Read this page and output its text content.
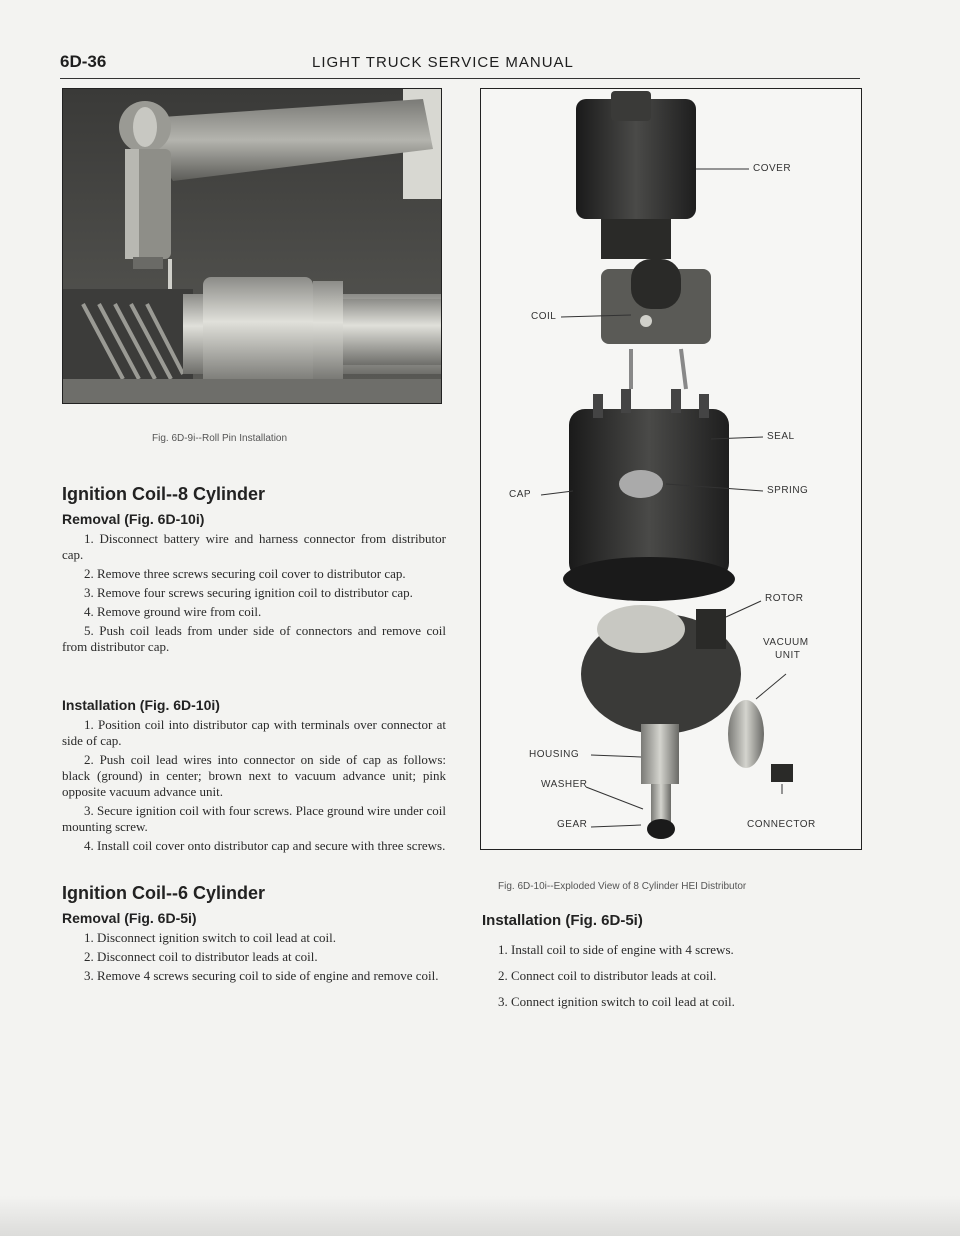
6D-36	LIGHT TRUCK SERVICE MANUAL
Fig. 6D-9i--Roll Pin Installation
Ignition Coil--8 Cylinder
Removal (Fig. 6D-10i)

1. Disconnect battery wire and harness connector from distributor cap.

2. Remove three screws securing coil cover to distributor cap.

3. Remove four screws securing ignition coil to distributor cap.

4. Remove ground wire from coil.

5. Push coil leads from under side of connectors and remove coil from distributor cap.

Installation (Fig. 6D-10i)

1. Position coil into distributor cap with terminals over connector at side of cap.

2. Push coil lead wires into connector on side of cap as follows: black (ground) in center; brown next to vacuum advance unit; pink opposite vacuum advance unit.

3. Secure ignition coil with four screws. Place ground wire under coil mounting screw.

4. Install coil cover onto distributor cap and secure with three screws.

Ignition Coil--6 Cylinder
Removal (Fig. 6D-5i)

1. Disconnect ignition switch to coil lead at coil.

2. Disconnect coil to distributor leads at coil.

3. Remove 4 screws securing coil to side of engine and remove coil.

COVER
COIL
SEAL
SPRING
CAP
ROTOR
VACUUM
UNIT
HOUSING
WASHER
GEAR	CONNECTOR
Fig. 6D-10i--Exploded View of 8 Cylinder HEI Distributor
Installation (Fig. 6D-5i)

1. Install coil to side of engine with 4 screws.

2. Connect coil to distributor leads at coil.

3. Connect ignition switch to coil lead at coil.
